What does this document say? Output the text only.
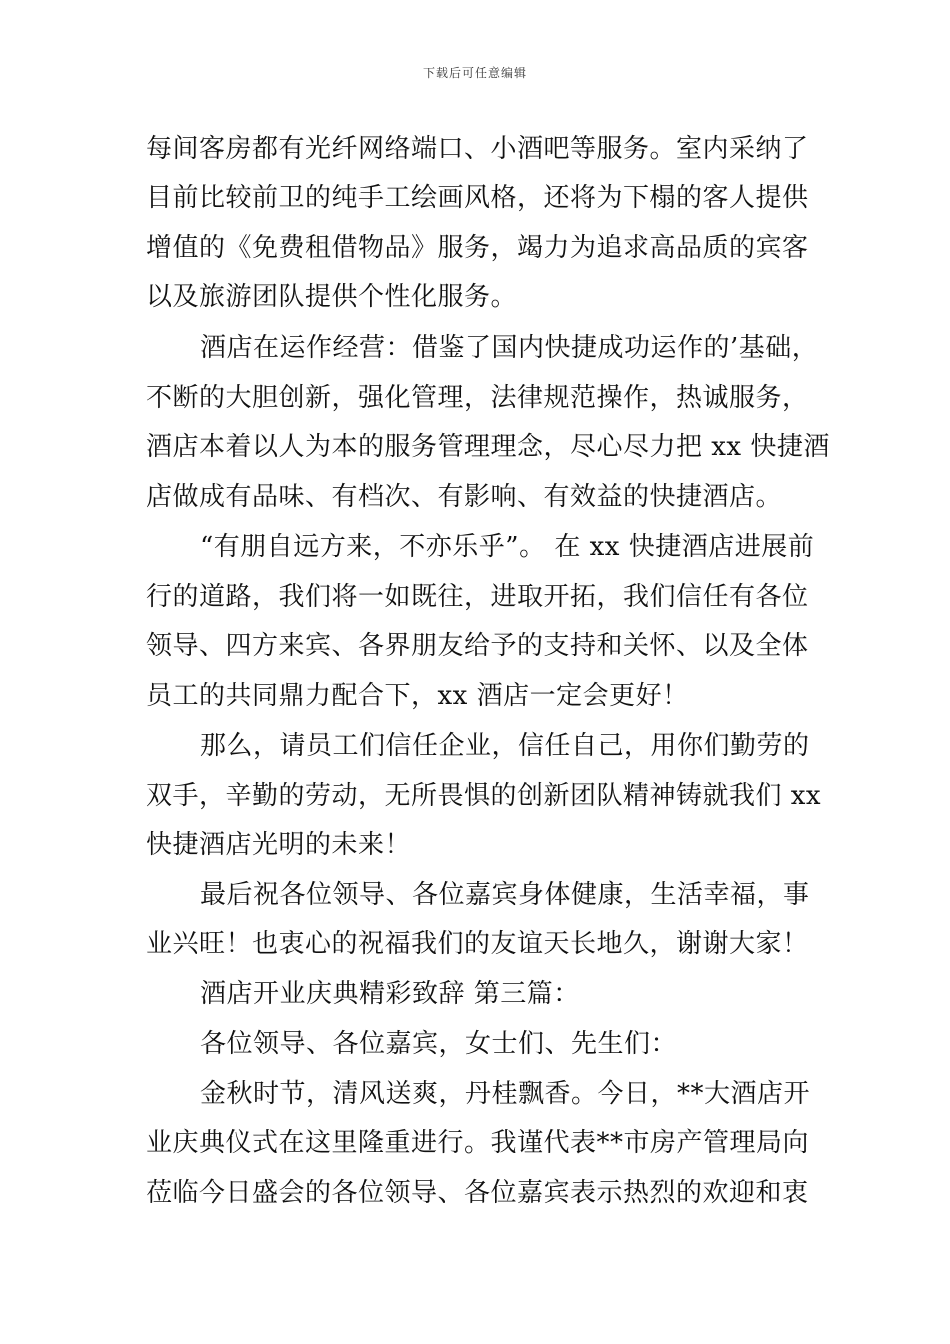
下载后可任意编辑
每间客房都有光纤网络端口、小酒吧等服务。室内采纳了
目前比较前卫的纯手工绘画风格，还将为下榻的客人提供
增值的《免费租借物品》服务，竭力为追求高品质的宾客
以及旅游团队提供个性化服务。
酒店在运作经营：借鉴了国内快捷成功运作的’基础，
不断的大胆创新，强化管理，法律规范操作，热诚服务，
酒店本着以人为本的服务管理理念，尽心尽力把 xx 快捷酒
店做成有品味、有档次、有影响、有效益的快捷酒店。
“有朋自远方来，不亦乐乎”。 在 xx 快捷酒店进展前
行的道路，我们将一如既往，进取开拓，我们信任有各位
领导、四方来宾、各界朋友给予的支持和关怀、以及全体
员工的共同鼎力配合下，xx 酒店一定会更好！
那么，请员工们信任企业，信任自己，用你们勤劳的
双手，辛勤的劳动，无所畏惧的创新团队精神铸就我们 xx
快捷酒店光明的未来！
最后祝各位领导、各位嘉宾身体健康，生活幸福，事
业兴旺！也衷心的祝福我们的友谊天长地久，谢谢大家！
酒店开业庆典精彩致辞 第三篇：
各位领导、各位嘉宾，女士们、先生们：
金秋时节，清风送爽，丹桂飘香。今日，**大酒店开
业庆典仪式在这里隆重进行。我谨代表**市房产管理局向
莅临今日盛会的各位领导、各位嘉宾表示热烈的欢迎和衷
